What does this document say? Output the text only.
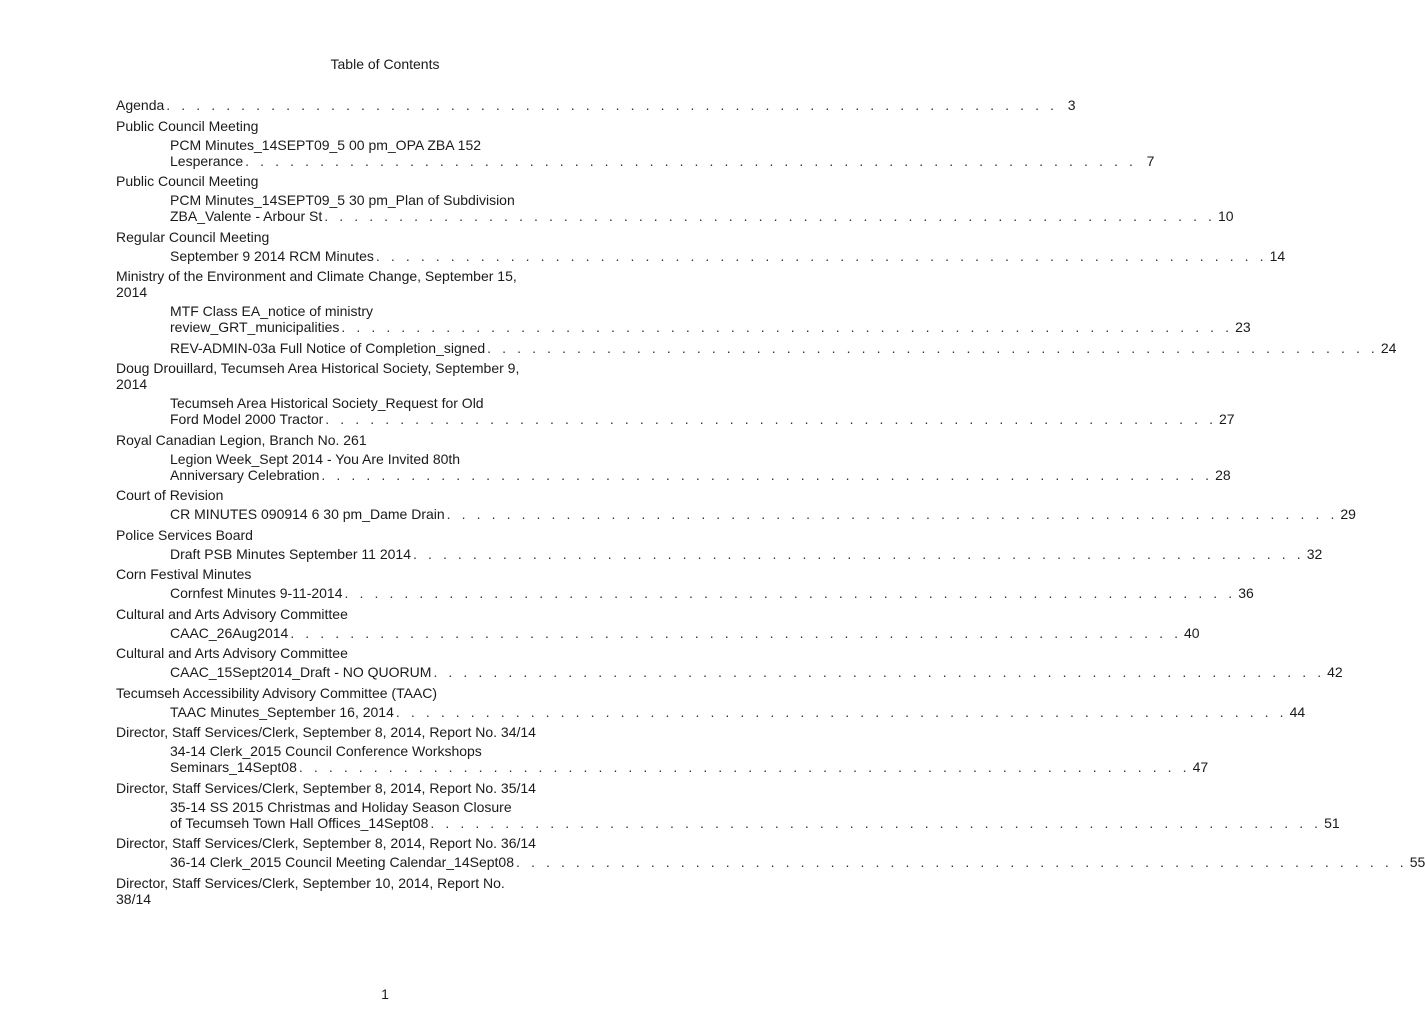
Table of Contents
Agenda . . . . . . . . . . . . . . . . . . . . . . . . . . . . . . . . . . . . . . . . . . . . . . . . . . . . . . . . . . . . 3
Public Council Meeting
PCM Minutes_14SEPT09_5 00 pm_OPA ZBA 152
Lesperance . . . . . . . . . . . . . . . . . . . . . . . . . . . . . . . . . . . . . . . . . . . . . . . . . . . . . . . . . . . . 7
Public Council Meeting
PCM Minutes_14SEPT09_5 30 pm_Plan of Subdivision
ZBA_Valente - Arbour St . . . . . . . . . . . . . . . . . . . . . . . . . . . . . . . . . . . . . . . . . . . . . . . . . . . . . . . . . . . . 10
Regular Council Meeting
September 9 2014 RCM Minutes . . . . . . . . . . . . . . . . . . . . . . . . . . . . . . . . . . . . . . . . . . . . . . . . . . . . . . . . . . . . 14
Ministry of the Environment and Climate Change, September 15, 2014
MTF Class EA_notice of ministry
review_GRT_municipalities . . . . . . . . . . . . . . . . . . . . . . . . . . . . . . . . . . . . . . . . . . . . . . . . . . . . . . . . . . . . 23
REV-ADMIN-03a Full Notice of Completion_signed . . . . . . . . . . . . . . . . . . . . . . . . . . . . . . . . . . . . . . . . . . . . . . . . . . . . . . . . . . . . 24
Doug Drouillard, Tecumseh Area Historical Society, September 9, 2014
Tecumseh Area Historical Society_Request for Old
Ford Model 2000 Tractor . . . . . . . . . . . . . . . . . . . . . . . . . . . . . . . . . . . . . . . . . . . . . . . . . . . . . . . . . . . . 27
Royal Canadian Legion, Branch No. 261
Legion Week_Sept 2014 - You Are Invited 80th
Anniversary Celebration . . . . . . . . . . . . . . . . . . . . . . . . . . . . . . . . . . . . . . . . . . . . . . . . . . . . . . . . . . . . 28
Court of Revision
CR MINUTES 090914 6 30 pm_Dame Drain . . . . . . . . . . . . . . . . . . . . . . . . . . . . . . . . . . . . . . . . . . . . . . . . . . . . . . . . . . . . 29
Police Services Board
Draft PSB Minutes September 11 2014 . . . . . . . . . . . . . . . . . . . . . . . . . . . . . . . . . . . . . . . . . . . . . . . . . . . . . . . . . . . . 32
Corn Festival Minutes
Cornfest Minutes 9-11-2014 . . . . . . . . . . . . . . . . . . . . . . . . . . . . . . . . . . . . . . . . . . . . . . . . . . . . . . . . . . . . 36
Cultural and Arts Advisory Committee
CAAC_26Aug2014 . . . . . . . . . . . . . . . . . . . . . . . . . . . . . . . . . . . . . . . . . . . . . . . . . . . . . . . . . . . . 40
Cultural and Arts Advisory Committee
CAAC_15Sept2014_Draft - NO QUORUM . . . . . . . . . . . . . . . . . . . . . . . . . . . . . . . . . . . . . . . . . . . . . . . . . . . . . . . . . . . . 42
Tecumseh Accessibility Advisory Committee (TAAC)
TAAC Minutes_September 16, 2014 . . . . . . . . . . . . . . . . . . . . . . . . . . . . . . . . . . . . . . . . . . . . . . . . . . . . . . . . . . . . 44
Director, Staff Services/Clerk, September 8, 2014, Report No. 34/14
34-14 Clerk_2015 Council Conference Workshops
Seminars_14Sept08 . . . . . . . . . . . . . . . . . . . . . . . . . . . . . . . . . . . . . . . . . . . . . . . . . . . . . . . . . . . . 47
Director, Staff Services/Clerk, September 8, 2014, Report No. 35/14
35-14 SS 2015 Christmas and Holiday Season Closure
of Tecumseh Town Hall Offices_14Sept08 . . . . . . . . . . . . . . . . . . . . . . . . . . . . . . . . . . . . . . . . . . . . . . . . . . . . . . . . . . . . 51
Director, Staff Services/Clerk, September 8, 2014, Report No. 36/14
36-14 Clerk_2015 Council Meeting Calendar_14Sept08 . . . . . . . . . . . . . . . . . . . . . . . . . . . . . . . . . . . . . . . . . . . . . . . . . . . . . . . . . . . . 55
Director, Staff Services/Clerk, September 10, 2014, Report No. 38/14
1
